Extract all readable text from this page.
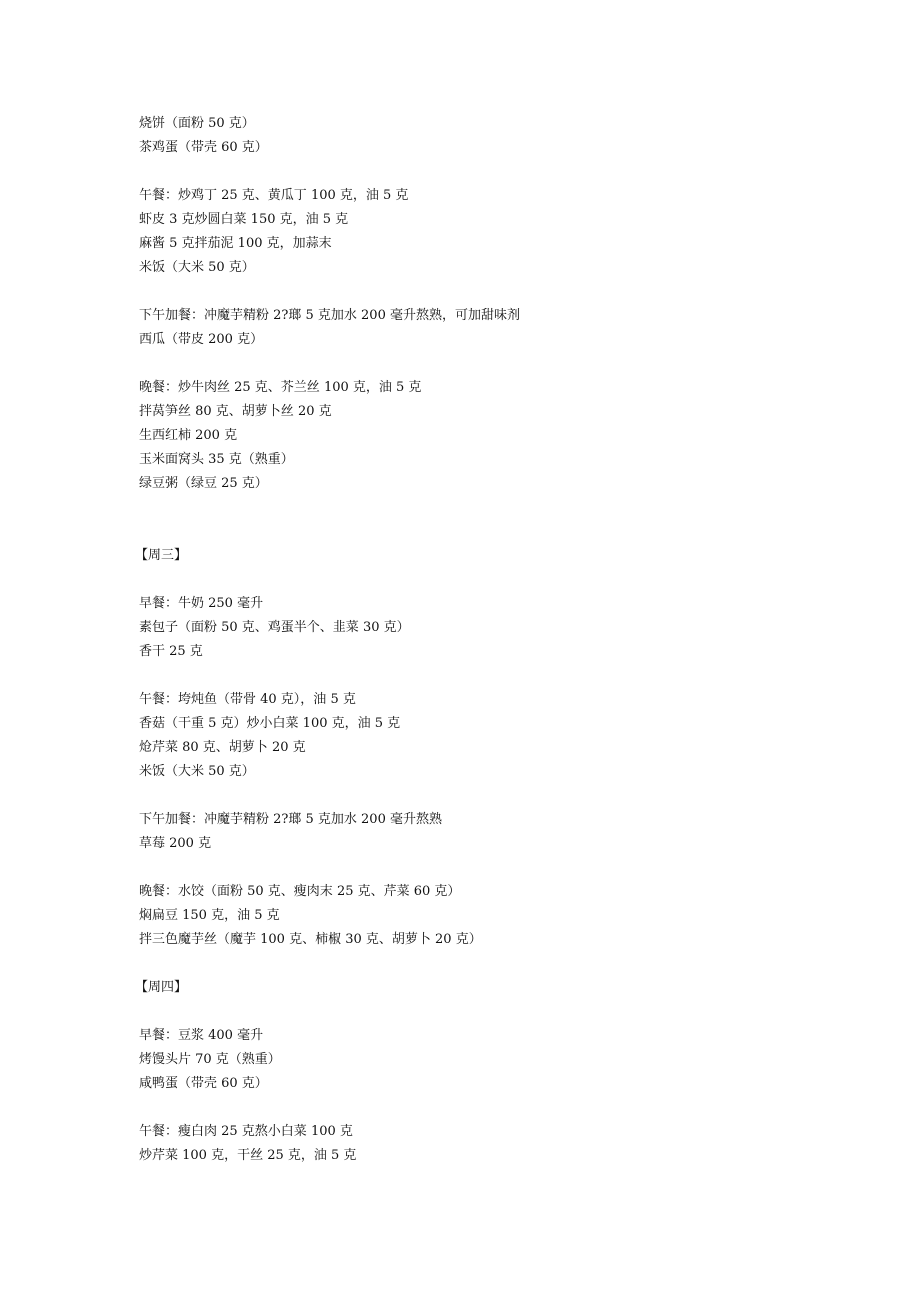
烧饼（面粉 50 克）
茶鸡蛋（带壳 60 克）
午餐：炒鸡丁 25 克、黄瓜丁 100 克，油 5 克
虾皮 3 克炒圆白菜 150 克，油 5 克
麻酱 5 克拌茄泥 100 克，加蒜末
米饭（大米 50 克）
下午加餐：冲魔芋精粉 2?瑯 5 克加水 200 毫升熬熟，可加甜味剂
西瓜（带皮 200 克）
晚餐：炒牛肉丝 25 克、芥兰丝 100 克，油 5 克
拌莴笋丝 80 克、胡萝卜丝 20 克
生西红柿 200 克
玉米面窝头 35 克（熟重）
绿豆粥（绿豆 25 克）
【周三】
早餐：牛奶 250 毫升
素包子（面粉 50 克、鸡蛋半个、韭菜 30 克）
香干 25 克
午餐：垮炖鱼（带骨 40 克），油 5 克
香菇（干重 5 克）炒小白菜 100 克，油 5 克
炝芹菜 80 克、胡萝卜 20 克
米饭（大米 50 克）
下午加餐：冲魔芋精粉 2?瑯 5 克加水 200 毫升熬熟
草莓 200 克
晚餐：水饺（面粉 50 克、瘦肉末 25 克、芹菜 60 克）
焖扁豆 150 克，油 5 克
拌三色魔芋丝（魔芋 100 克、柿椒 30 克、胡萝卜 20 克）
【周四】
早餐：豆浆 400 毫升
烤馒头片 70 克（熟重）
咸鸭蛋（带壳 60 克）
午餐：瘦白肉 25 克熬小白菜 100 克
炒芹菜 100 克，干丝 25 克，油 5 克
